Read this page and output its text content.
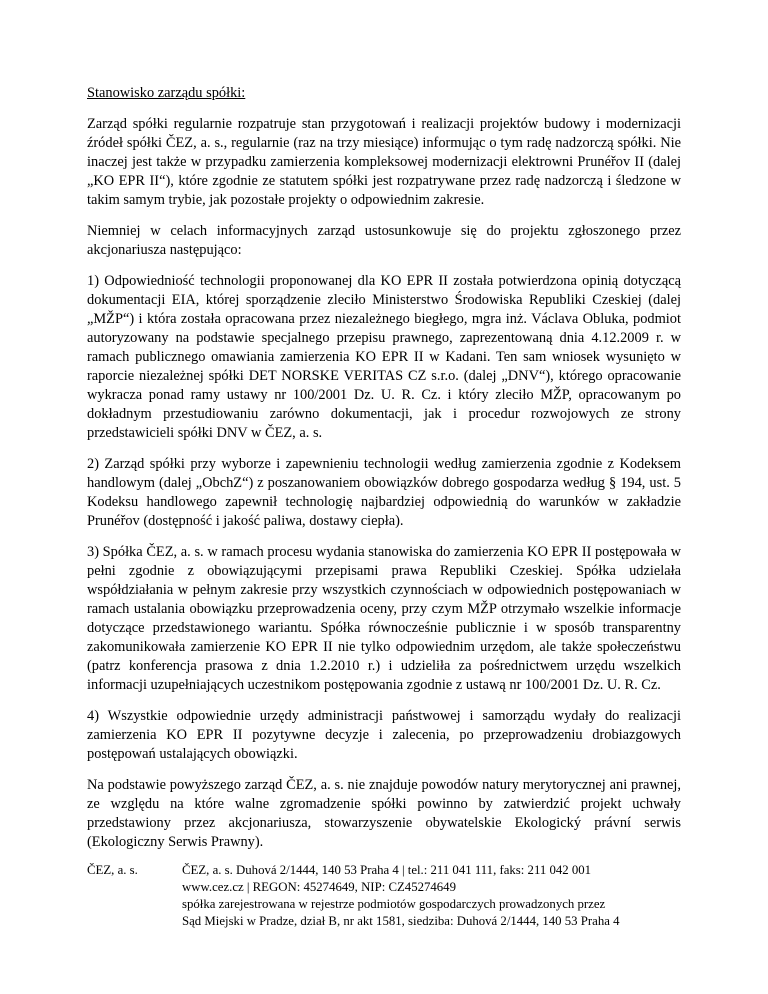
Stanowisko zarządu spółki:

Zarząd spółki regularnie rozpatruje stan przygotowań i realizacji projektów budowy i modernizacji źródeł spółki ČEZ, a. s., regularnie (raz na trzy miesiące) informując o tym radę nadzorczą spółki. Nie inaczej jest także w przypadku zamierzenia kompleksowej modernizacji elektrowni Prunéřov II (dalej „KO EPR II“), które zgodnie ze statutem spółki jest rozpatrywane przez radę nadzorczą i śledzone w takim samym trybie, jak pozostałe projekty o odpowiednim zakresie.

Niemniej w celach informacyjnych zarząd ustosunkowuje się do projektu zgłoszonego przez akcjonariusza następująco:

1) Odpowiedniość technologii proponowanej dla KO EPR II została potwierdzona opinią dotyczącą dokumentacji EIA, której sporządzenie zleciło Ministerstwo Środowiska Republiki Czeskiej (dalej „MŽP“) i która została opracowana przez niezależnego biegłego, mgra inż. Václava Obluka, podmiot autoryzowany na podstawie specjalnego przepisu prawnego, zaprezentowaną dnia 4.12.2009 r. w ramach publicznego omawiania zamierzenia KO EPR II w Kadani. Ten sam wniosek wysunięto w raporcie niezależnej spółki DET NORSKE VERITAS CZ s.r.o. (dalej „DNV“), którego opracowanie wykracza ponad ramy ustawy nr 100/2001 Dz. U. R. Cz. i który zleciło MŽP, opracowanym po dokładnym przestudiowaniu zarówno dokumentacji, jak i procedur rozwojowych ze strony przedstawicieli spółki DNV w ČEZ, a. s.

2) Zarząd spółki przy wyborze i zapewnieniu technologii według zamierzenia zgodnie z Kodeksem handlowym (dalej „ObchZ“) z poszanowaniem obowiązków dobrego gospodarza według § 194, ust. 5 Kodeksu handlowego zapewnił technologię najbardziej odpowiednią do warunków w zakładzie Prunéřov (dostępność i jakość paliwa, dostawy ciepła).

3) Spółka ČEZ, a. s. w ramach procesu wydania stanowiska do zamierzenia KO EPR II postępowała w pełni zgodnie z obowiązującymi przepisami prawa Republiki Czeskiej. Spółka udzielała współdziałania w pełnym zakresie przy wszystkich czynnościach w odpowiednich postępowaniach w ramach ustalania obowiązku przeprowadzenia oceny, przy czym MŽP otrzymało wszelkie informacje dotyczące przedstawionego wariantu. Spółka równocześnie publicznie i w sposób transparentny zakomunikowała zamierzenie KO EPR II nie tylko odpowiednim urzędom, ale także społeczeństwu (patrz konferencja prasowa z dnia 1.2.2010 r.) i udzieliła za pośrednictwem urzędu wszelkich informacji uzupełniających uczestnikom postępowania zgodnie z ustawą nr 100/2001 Dz. U. R. Cz.

4) Wszystkie odpowiednie urzędy administracji państwowej i samorządu wydały do realizacji zamierzenia KO EPR II pozytywne decyzje i zalecenia, po przeprowadzeniu drobiazgowych postępowań ustalających obowiązki.

Na podstawie powyższego zarząd ČEZ, a. s. nie znajduje powodów natury merytorycznej ani prawnej, ze względu na które walne zgromadzenie spółki powinno by zatwierdzić projekt uchwały przedstawiony przez akcjonariusza, stowarzyszenie obywatelskie Ekologický právní serwis (Ekologiczny Serwis Prawny).

ČEZ, a. s.	ČEZ, a. s. Duhová 2/1444, 140 53 Praha 4 | tel.: 211 041 111, faks: 211 042 001
www.cez.cz | REGON: 45274649, NIP: CZ45274649
spółka zarejestrowana w rejestrze podmiotów gospodarczych prowadzonych przez
Sąd Miejski w Pradze, dział B, nr akt 1581, siedziba: Duhová 2/1444, 140 53 Praha 4
